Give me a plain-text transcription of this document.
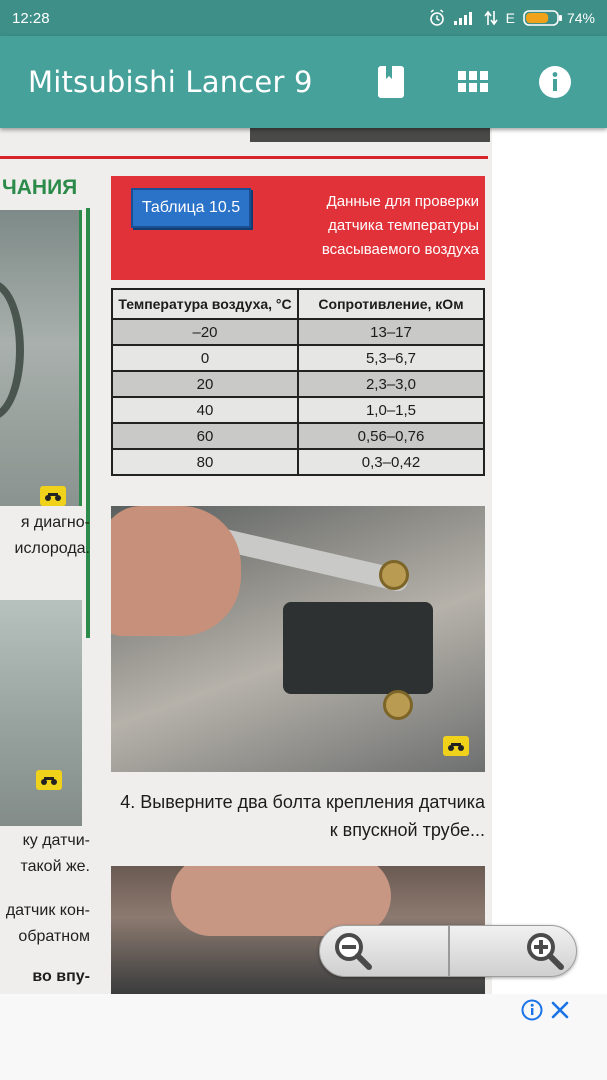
12:28	E	74%
Mitsubishi Lancer 9
ЧАНИЯ
я диагно-
ислорода.
ку датчи-
такой же.
датчик кон-
обратном
во впу-
Таблица 10.5	Данные для проверки датчика температуры всасываемого воздуха
Температура воздуха, °С	Сопротивление, кОм
–20	13–17
0	5,3–6,7
20	2,3–3,0
40	1,0–1,5
60	0,56–0,76
80	0,3–0,42
4. Выверните два болта крепления датчика к впускной трубе...
